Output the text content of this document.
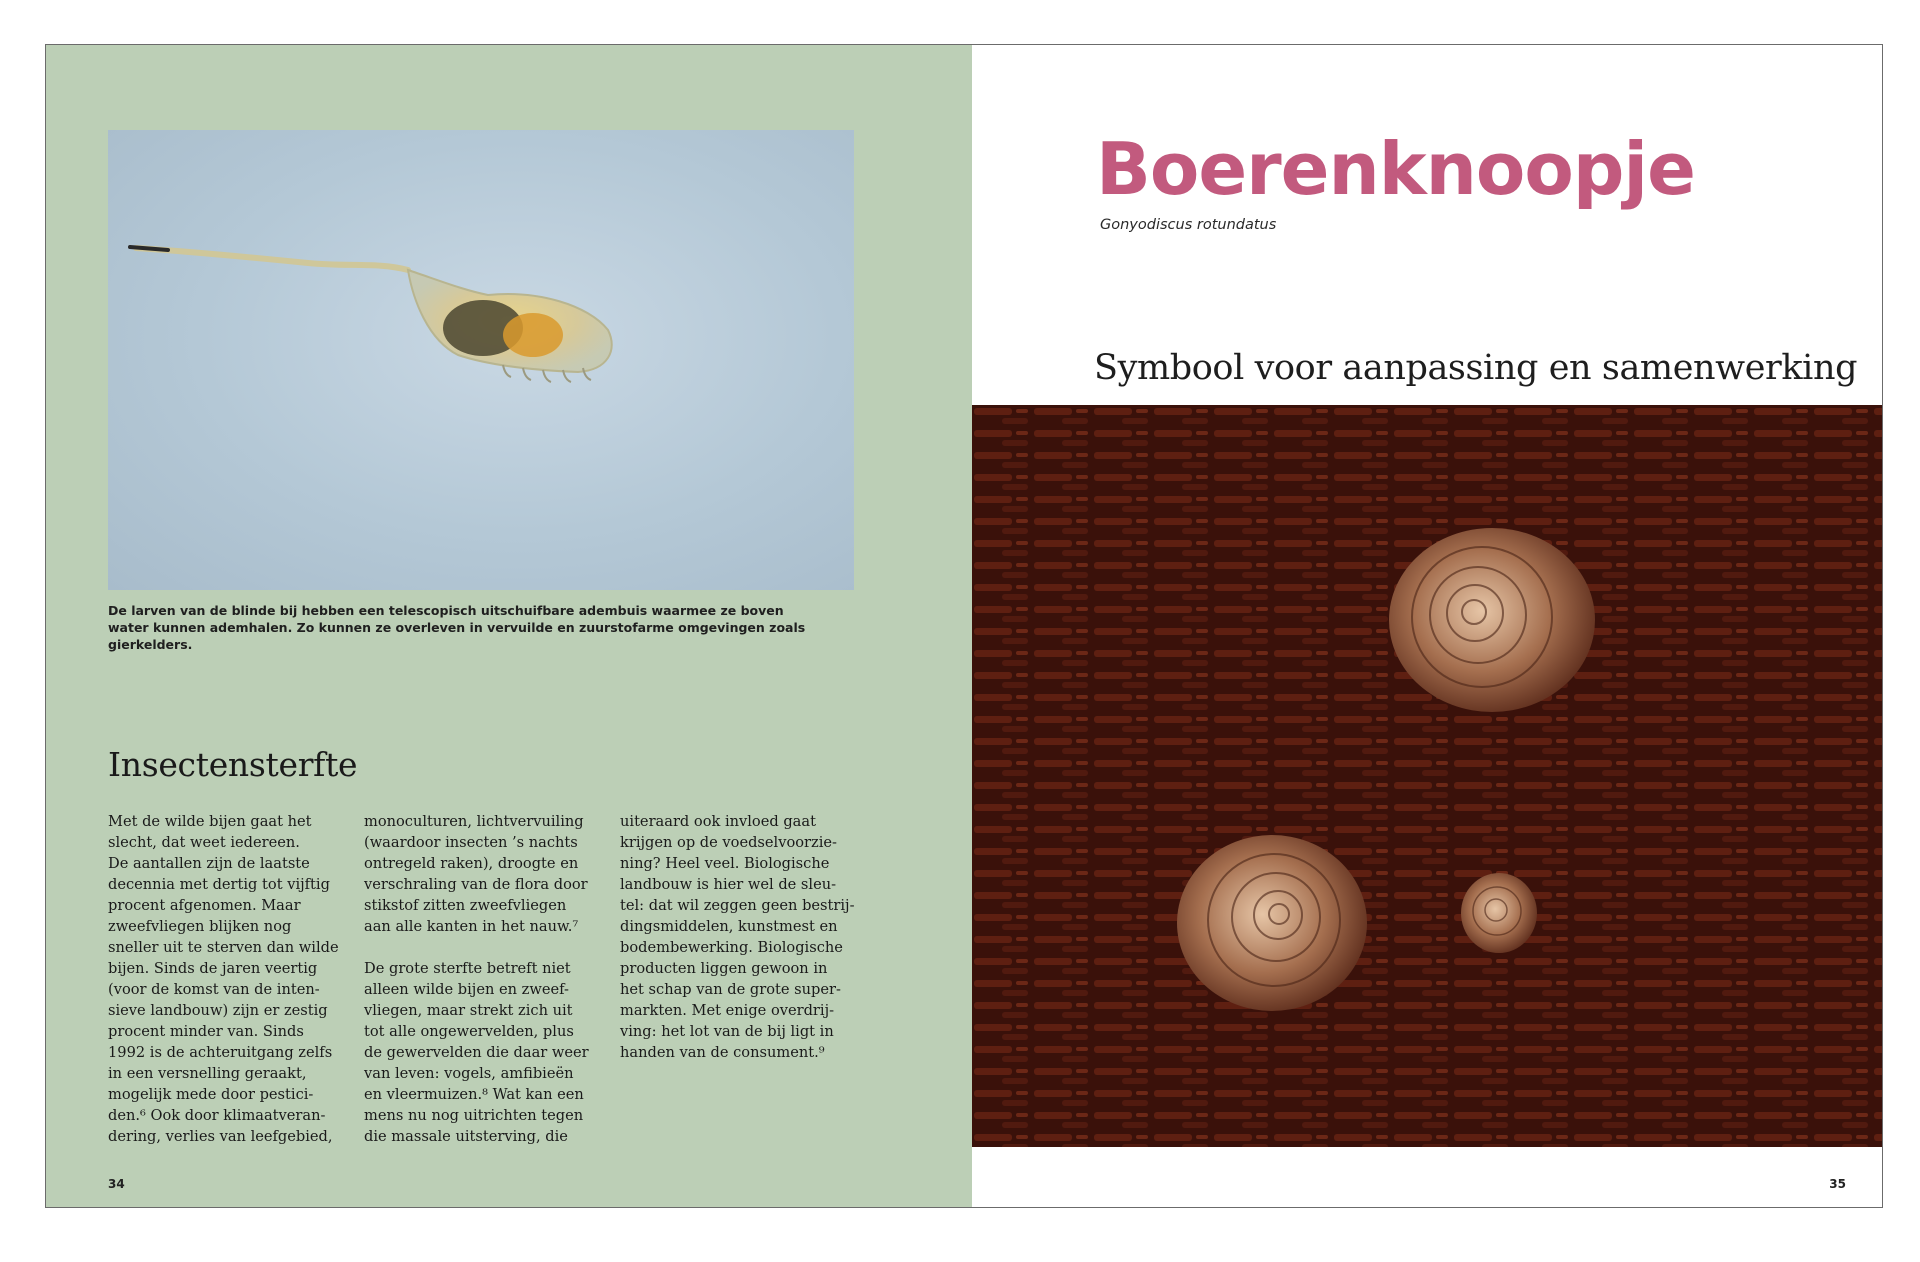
De larven van de blinde bij hebben een telescopisch uitschuifbare adembuis waarmee ze boven water kunnen ademhalen. Zo kunnen ze overleven in vervuilde en zuurstofarme omgevingen zoals gierkelders.
Insectensterfte

Met de wilde bijen gaat het
slecht, dat weet iedereen.
De aantallen zijn de laatste
decennia met dertig tot vijftig
procent afgenomen. Maar
zweefvliegen blijken nog
sneller uit te sterven dan wilde
bijen. Sinds de jaren veertig
(voor de komst van de inten-
sieve landbouw) zijn er zestig
procent minder van. Sinds
1992 is de achteruitgang zelfs
in een versnelling geraakt,
mogelijk mede door pestici-
den.⁶ Ook door klimaatveran-
dering, verlies van leefgebied,

monoculturen, lichtvervuiling
(waardoor insecten ’s nachts
ontregeld raken), droogte en
verschraling van de flora door
stikstof zitten zweefvliegen
aan alle kanten in het nauw.⁷

De grote sterfte betreft niet
alleen wilde bijen en zweef-
vliegen, maar strekt zich uit
tot alle ongewervelden, plus
de gewervelden die daar weer
van leven: vogels, amfibieën
en vleermuizen.⁸ Wat kan een
mens nu nog uitrichten tegen
die massale uitsterving, die

uiteraard ook invloed gaat
krijgen op de voedselvoorzie-
ning? Heel veel. Biologische
landbouw is hier wel de sleu-
tel: dat wil zeggen geen bestrij-
dingsmiddelen, kunstmest en
bodembewerking. Biologische
producten liggen gewoon in
het schap van de grote super-
markten. Met enige overdrij-
ving: het lot van de bij ligt in
handen van de consument.⁹

34
Boerenknoopje
Gonyodiscus rotundatus
Symbool voor aanpassing en samenwerking
35
